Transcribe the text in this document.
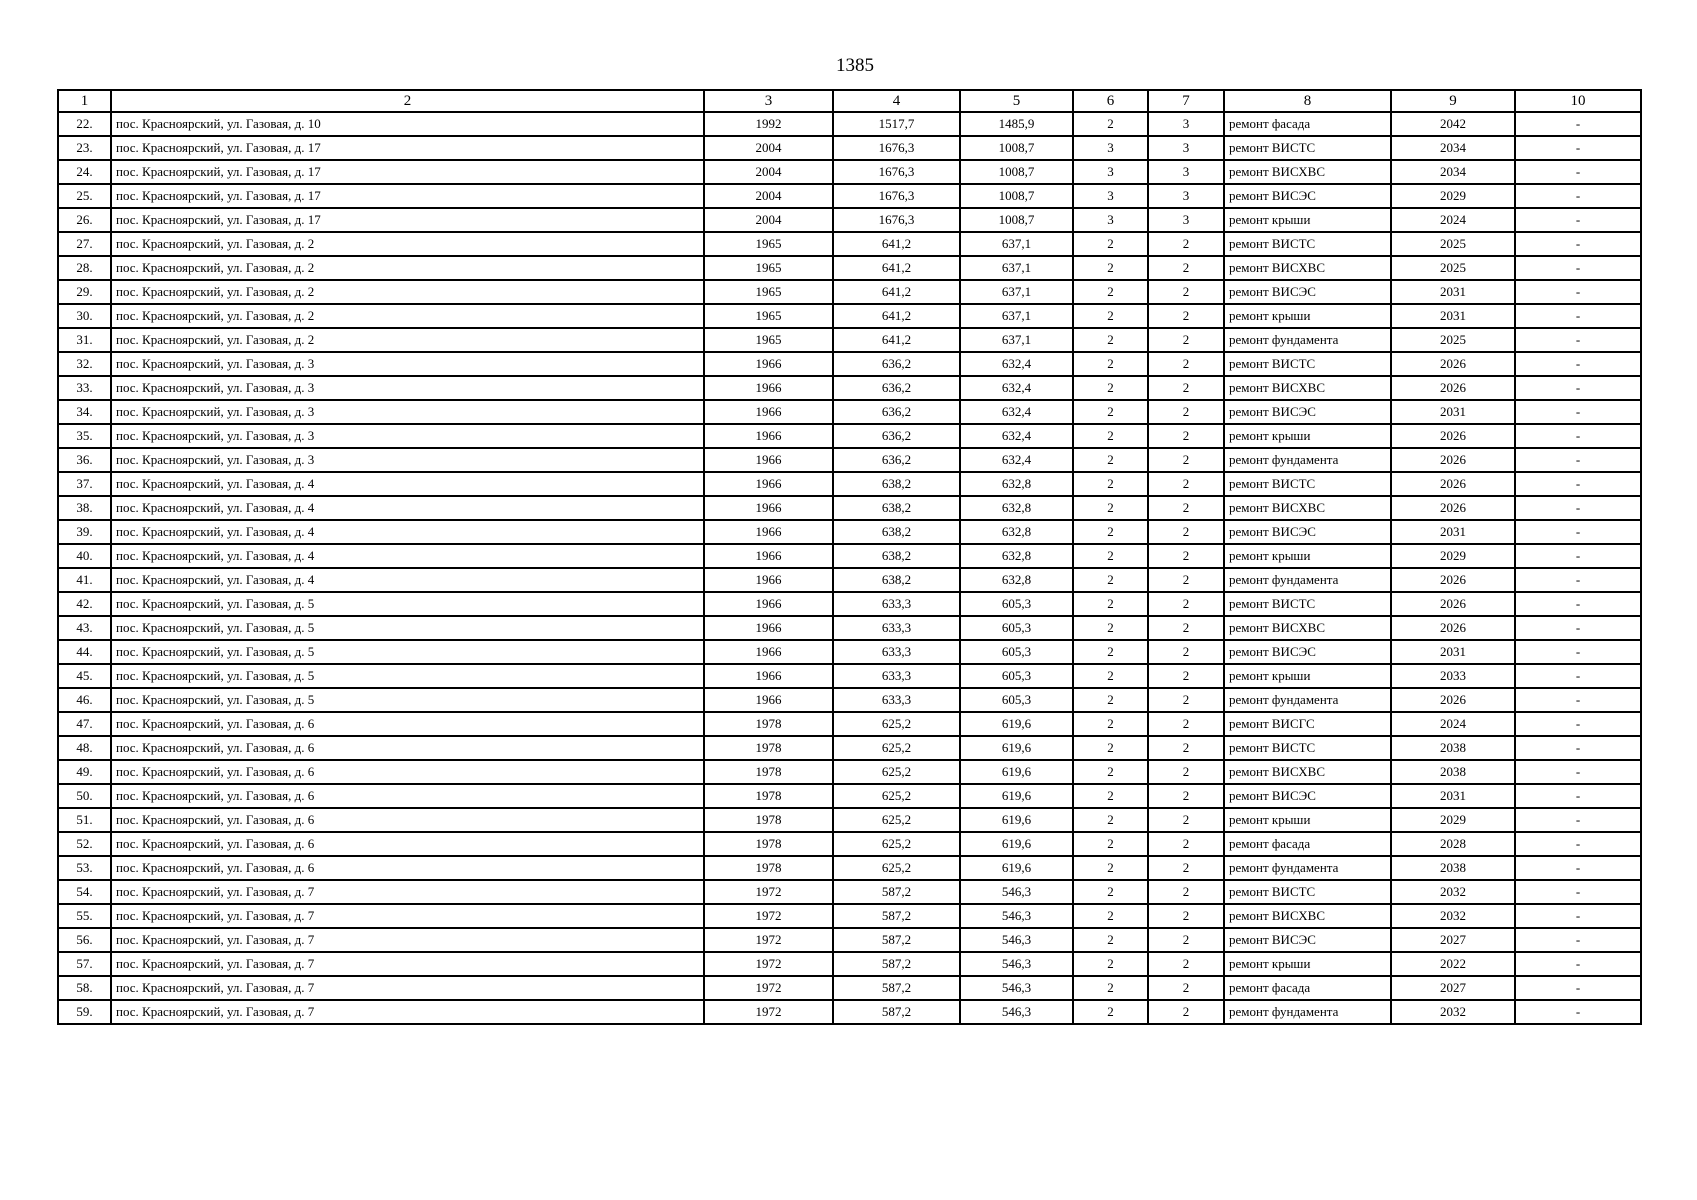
1385
1	2	3	4	5	6	7	8	9	10
22.	пос. Красноярский, ул. Газовая, д. 10	1992	1517,7	1485,9	2	3	ремонт фасада	2042	-
23.	пос. Красноярский, ул. Газовая, д. 17	2004	1676,3	1008,7	3	3	ремонт ВИСТС	2034	-
24.	пос. Красноярский, ул. Газовая, д. 17	2004	1676,3	1008,7	3	3	ремонт ВИСХВС	2034	-
25.	пос. Красноярский, ул. Газовая, д. 17	2004	1676,3	1008,7	3	3	ремонт ВИСЭС	2029	-
26.	пос. Красноярский, ул. Газовая, д. 17	2004	1676,3	1008,7	3	3	ремонт крыши	2024	-
27.	пос. Красноярский, ул. Газовая, д. 2	1965	641,2	637,1	2	2	ремонт ВИСТС	2025	-
28.	пос. Красноярский, ул. Газовая, д. 2	1965	641,2	637,1	2	2	ремонт ВИСХВС	2025	-
29.	пос. Красноярский, ул. Газовая, д. 2	1965	641,2	637,1	2	2	ремонт ВИСЭС	2031	-
30.	пос. Красноярский, ул. Газовая, д. 2	1965	641,2	637,1	2	2	ремонт крыши	2031	-
31.	пос. Красноярский, ул. Газовая, д. 2	1965	641,2	637,1	2	2	ремонт фундамента	2025	-
32.	пос. Красноярский, ул. Газовая, д. 3	1966	636,2	632,4	2	2	ремонт ВИСТС	2026	-
33.	пос. Красноярский, ул. Газовая, д. 3	1966	636,2	632,4	2	2	ремонт ВИСХВС	2026	-
34.	пос. Красноярский, ул. Газовая, д. 3	1966	636,2	632,4	2	2	ремонт ВИСЭС	2031	-
35.	пос. Красноярский, ул. Газовая, д. 3	1966	636,2	632,4	2	2	ремонт крыши	2026	-
36.	пос. Красноярский, ул. Газовая, д. 3	1966	636,2	632,4	2	2	ремонт фундамента	2026	-
37.	пос. Красноярский, ул. Газовая, д. 4	1966	638,2	632,8	2	2	ремонт ВИСТС	2026	-
38.	пос. Красноярский, ул. Газовая, д. 4	1966	638,2	632,8	2	2	ремонт ВИСХВС	2026	-
39.	пос. Красноярский, ул. Газовая, д. 4	1966	638,2	632,8	2	2	ремонт ВИСЭС	2031	-
40.	пос. Красноярский, ул. Газовая, д. 4	1966	638,2	632,8	2	2	ремонт крыши	2029	-
41.	пос. Красноярский, ул. Газовая, д. 4	1966	638,2	632,8	2	2	ремонт фундамента	2026	-
42.	пос. Красноярский, ул. Газовая, д. 5	1966	633,3	605,3	2	2	ремонт ВИСТС	2026	-
43.	пос. Красноярский, ул. Газовая, д. 5	1966	633,3	605,3	2	2	ремонт ВИСХВС	2026	-
44.	пос. Красноярский, ул. Газовая, д. 5	1966	633,3	605,3	2	2	ремонт ВИСЭС	2031	-
45.	пос. Красноярский, ул. Газовая, д. 5	1966	633,3	605,3	2	2	ремонт крыши	2033	-
46.	пос. Красноярский, ул. Газовая, д. 5	1966	633,3	605,3	2	2	ремонт фундамента	2026	-
47.	пос. Красноярский, ул. Газовая, д. 6	1978	625,2	619,6	2	2	ремонт ВИСГС	2024	-
48.	пос. Красноярский, ул. Газовая, д. 6	1978	625,2	619,6	2	2	ремонт ВИСТС	2038	-
49.	пос. Красноярский, ул. Газовая, д. 6	1978	625,2	619,6	2	2	ремонт ВИСХВС	2038	-
50.	пос. Красноярский, ул. Газовая, д. 6	1978	625,2	619,6	2	2	ремонт ВИСЭС	2031	-
51.	пос. Красноярский, ул. Газовая, д. 6	1978	625,2	619,6	2	2	ремонт крыши	2029	-
52.	пос. Красноярский, ул. Газовая, д. 6	1978	625,2	619,6	2	2	ремонт фасада	2028	-
53.	пос. Красноярский, ул. Газовая, д. 6	1978	625,2	619,6	2	2	ремонт фундамента	2038	-
54.	пос. Красноярский, ул. Газовая, д. 7	1972	587,2	546,3	2	2	ремонт ВИСТС	2032	-
55.	пос. Красноярский, ул. Газовая, д. 7	1972	587,2	546,3	2	2	ремонт ВИСХВС	2032	-
56.	пос. Красноярский, ул. Газовая, д. 7	1972	587,2	546,3	2	2	ремонт ВИСЭС	2027	-
57.	пос. Красноярский, ул. Газовая, д. 7	1972	587,2	546,3	2	2	ремонт крыши	2022	-
58.	пос. Красноярский, ул. Газовая, д. 7	1972	587,2	546,3	2	2	ремонт фасада	2027	-
59.	пос. Красноярский, ул. Газовая, д. 7	1972	587,2	546,3	2	2	ремонт фундамента	2032	-
